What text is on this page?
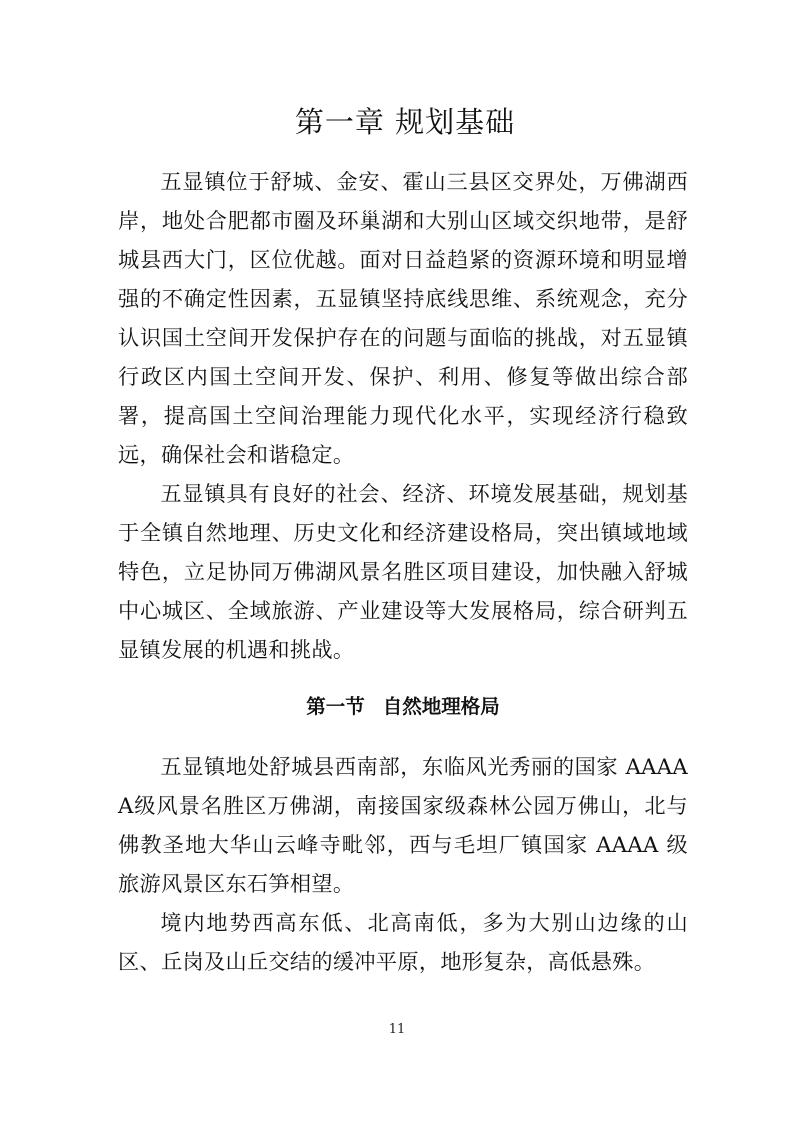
第一章 规划基础

五显镇位于舒城、金安、霍山三县区交界处，万佛湖西岸，地处合肥都市圈及环巢湖和大别山区域交织地带，是舒城县西大门，区位优越。面对日益趋紧的资源环境和明显增强的不确定性因素，五显镇坚持底线思维、系统观念，充分认识国土空间开发保护存在的问题与面临的挑战，对五显镇行政区内国土空间开发、保护、利用、修复等做出综合部署，提高国土空间治理能力现代化水平，实现经济行稳致远，确保社会和谐稳定。

五显镇具有良好的社会、经济、环境发展基础，规划基于全镇自然地理、历史文化和经济建设格局，突出镇域地域特色，立足协同万佛湖风景名胜区项目建设，加快融入舒城中心城区、全域旅游、产业建设等大发展格局，综合研判五显镇发展的机遇和挑战。

第一节 自然地理格局

五显镇地处舒城县西南部，东临风光秀丽的国家 AAAAA级风景名胜区万佛湖，南接国家级森林公园万佛山，北与佛教圣地大华山云峰寺毗邻，西与毛坦厂镇国家 AAAA 级旅游风景区东石笋相望。

境内地势西高东低、北高南低，多为大别山边缘的山区、丘岗及山丘交结的缓冲平原，地形复杂，高低悬殊。

11
